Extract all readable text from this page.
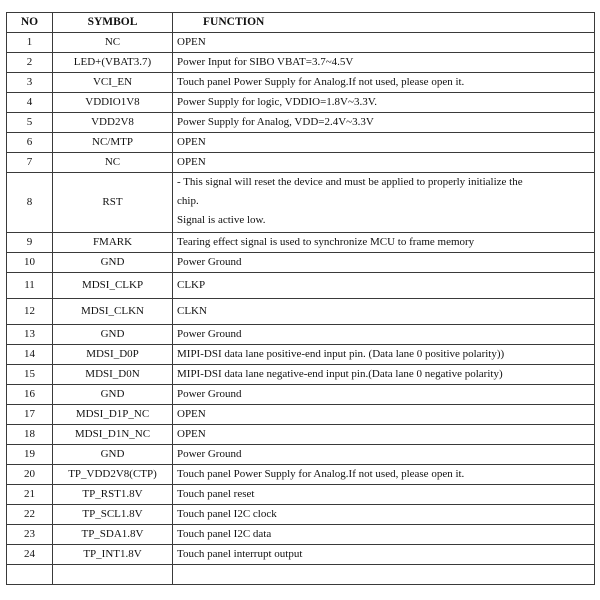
NO	SYMBOL	FUNCTION
1	NC	OPEN
2	LED+(VBAT3.7)	Power Input for SIBO VBAT=3.7~4.5V
3	VCI_EN	Touch panel Power Supply for Analog.If not used, please open it.
4	VDDIO1V8	Power Supply for logic, VDDIO=1.8V~3.3V.
5	VDD2V8	Power Supply for Analog, VDD=2.4V~3.3V
6	NC/MTP	OPEN
7	NC	OPEN
8	RST	- This signal will reset the device and must be applied to properly initialize the
chip.
Signal is active low.

9	FMARK	Tearing effect signal is used to synchronize MCU to frame memory
10	GND	Power Ground
11	MDSI_CLKP	CLKP
12	MDSI_CLKN	CLKN
13	GND	Power Ground
14	MDSI_D0P	MIPI-DSI data lane positive-end input pin. (Data lane 0 positive polarity))
15	MDSI_D0N	MIPI-DSI data lane negative-end input pin.(Data lane 0 negative polarity)
16	GND	Power Ground
17	MDSI_D1P_NC	OPEN
18	MDSI_D1N_NC	OPEN
19	GND	Power Ground
20	TP_VDD2V8(CTP)	Touch panel Power Supply for Analog.If not used, please open it.
21	TP_RST1.8V	Touch panel reset
22	TP_SCL1.8V	Touch panel I2C clock
23	TP_SDA1.8V	Touch panel I2C data
24	TP_INT1.8V	Touch panel interrupt output
